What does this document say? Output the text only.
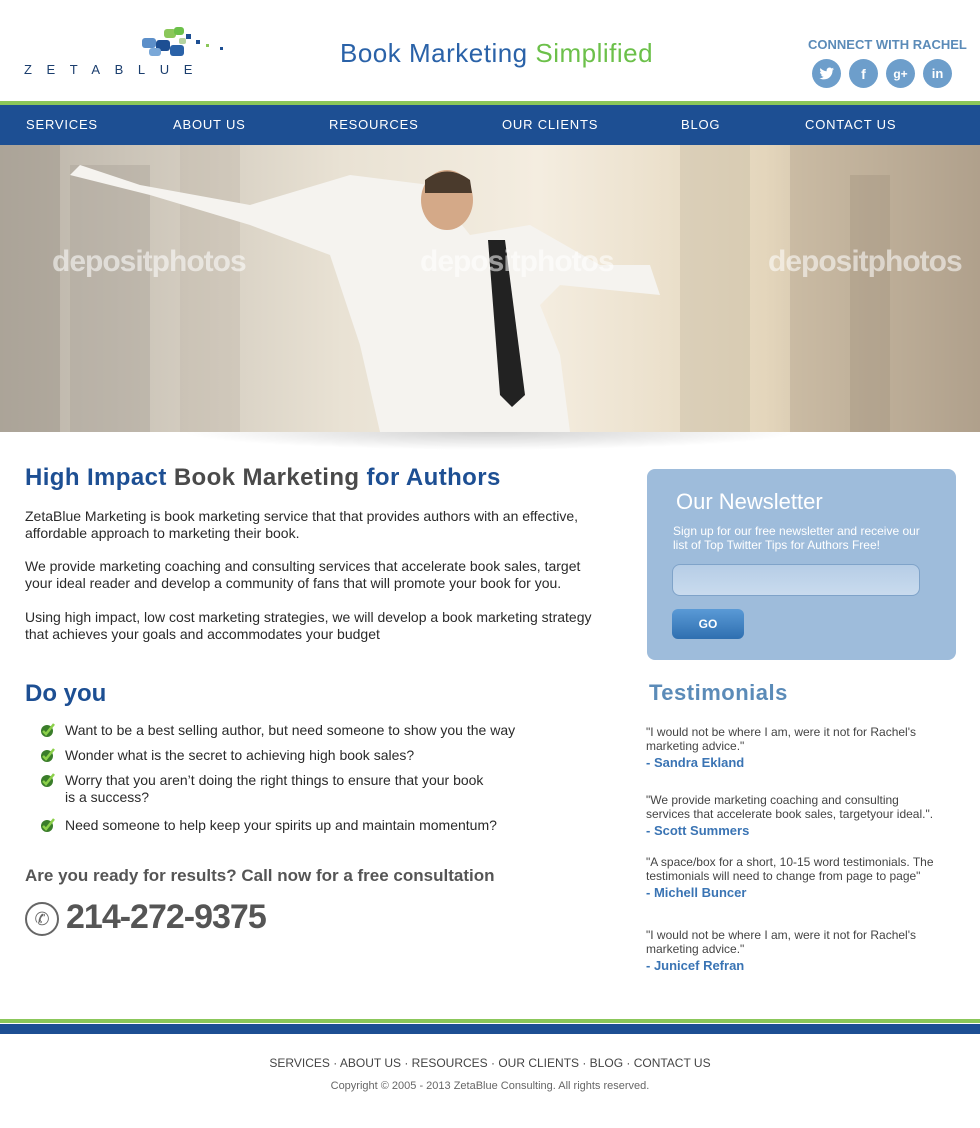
ZETABLUE
Book Marketing Simplified	CONNECT WITH RACHEL
f	g+	in
SERVICES	ABOUT US	RESOURCES	OUR CLIENTS	BLOG	CONTACT US
depositphotos	depositphotos	depositphotos
High Impact Book Marketing for Authors
ZetaBlue Marketing is book marketing service that that provides authors with an effective, affordable approach to marketing their book.
We provide marketing coaching and consulting services that accelerate book sales, target your ideal reader and develop a community of fans that will promote your book for you.
Using high impact, low cost marketing strategies, we will develop a book marketing strategy that achieves your goals and accommodates your budget
Do you
Want to be a best selling author, but need someone to show you the way
Wonder what is the secret to achieving high book sales?
Worry that you aren’t doing the right things to ensure that your book
is a success?
Need someone to help keep your spirits up and maintain momentum?
Are you ready for results? Call now for a free consultation
✆ 214-272-9375
Our Newsletter
Sign up for our free newsletter and receive our list of Top Twitter Tips for Authors Free!
GO
Testimonials
"I would not be where I am, were it not for Rachel's marketing advice."
- Sandra Ekland
"We provide marketing coaching and consulting services that accelerate book sales, targetyour ideal.".
- Scott Summers
"A space/box for a short, 10-15 word testimonials. The testimonials will need to change from page to page"
- Michell Buncer
"I would not be where I am, were it not for Rachel's marketing advice."
- Junicef Refran
SERVICES · ABOUT US · RESOURCES · OUR CLIENTS · BLOG · CONTACT US
Copyright © 2005 - 2013 ZetaBlue Consulting. All rights reserved.
